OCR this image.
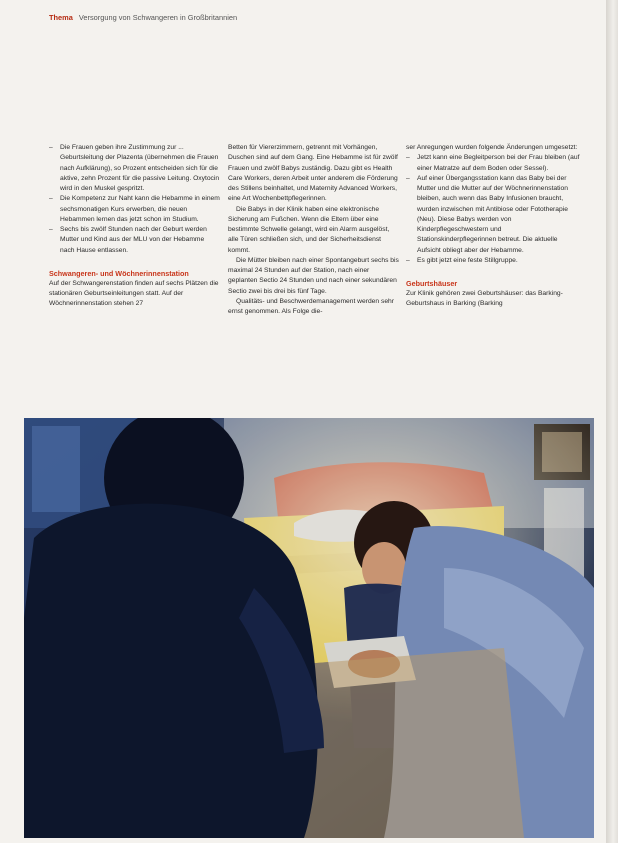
Thema Versorgung von Schwangeren in Großbritannien
– Die Frauen geben ihre Zustimmung zur ... Geburtsleitung der Plazenta (übernehmen die Frauen nach Aufklärung), so Prozent entscheiden sich für die aktive, zehn Prozent für die passive Leitung. Oxytocin wird in den Muskel gespritzt.
– Die Kompetenz zur Naht kann die Hebamme in einem sechsmonatigen Kurs erwerben, die neuen Hebammen lernen das jetzt schon im Studium.
– Sechs bis zwölf Stunden nach der Geburt werden Mutter und Kind aus der MLU von der Hebamme nach Hause entlassen.
Schwangeren- und Wöchnerinnenstation

Auf der Schwangerenstation finden auf sechs Plätzen die stationären Geburtseinleitungen statt. Auf der Wöchnerinnenstation stehen 27

Betten für Viererzimmern, getrennt mit Vorhängen, Duschen sind auf dem Gang. Eine Hebamme ist für zwölf Frauen und zwölf Babys zuständig. Dazu gibt es Health Care Workers, deren Arbeit unter anderem die Förderung des Stillens beinhaltet, und Maternity Advanced Workers, eine Art Wochenbettpflegerinnen.

Die Babys in der Klinik haben eine elektronische Sicherung am Fußchen. Wenn die Eltern über eine bestimmte Schwelle gelangt, wird ein Alarm ausgelöst, alle Türen schließen sich, und der Sicherheitsdienst kommt.

Die Mütter bleiben nach einer Spontangeburt sechs bis maximal 24 Stunden auf der Station, nach einer geplanten Sectio 24 Stunden und nach einer sekundären Sectio zwei bis drei bis fünf Tage.

Qualitäts- und Beschwerdemanagement werden sehr ernst genommen. Als Folge die-

ser Anregungen wurden folgende Änderungen umgesetzt:

– Jetzt kann eine Begleitperson bei der Frau bleiben (auf einer Matratze auf dem Boden oder Sessel).
– Auf einer Übergangsstation kann das Baby bei der Mutter und die Mutter auf der Wöchnerinnenstation bleiben, auch wenn das Baby Infusionen braucht, wurden inzwischen mit Antibiose oder Fototherapie (Neu). Diese Babys werden von Kinderpflegeschwestern und Stationskinderpflegerinnen betreut. Die aktuelle Aufsicht obliegt aber der Hebamme.
– Es gibt jetzt eine feste Stillgruppe.
Geburtshäuser

Zur Klinik gehören zwei Geburtshäuser: das Barking-Geburtshaus in Barking (Barking
